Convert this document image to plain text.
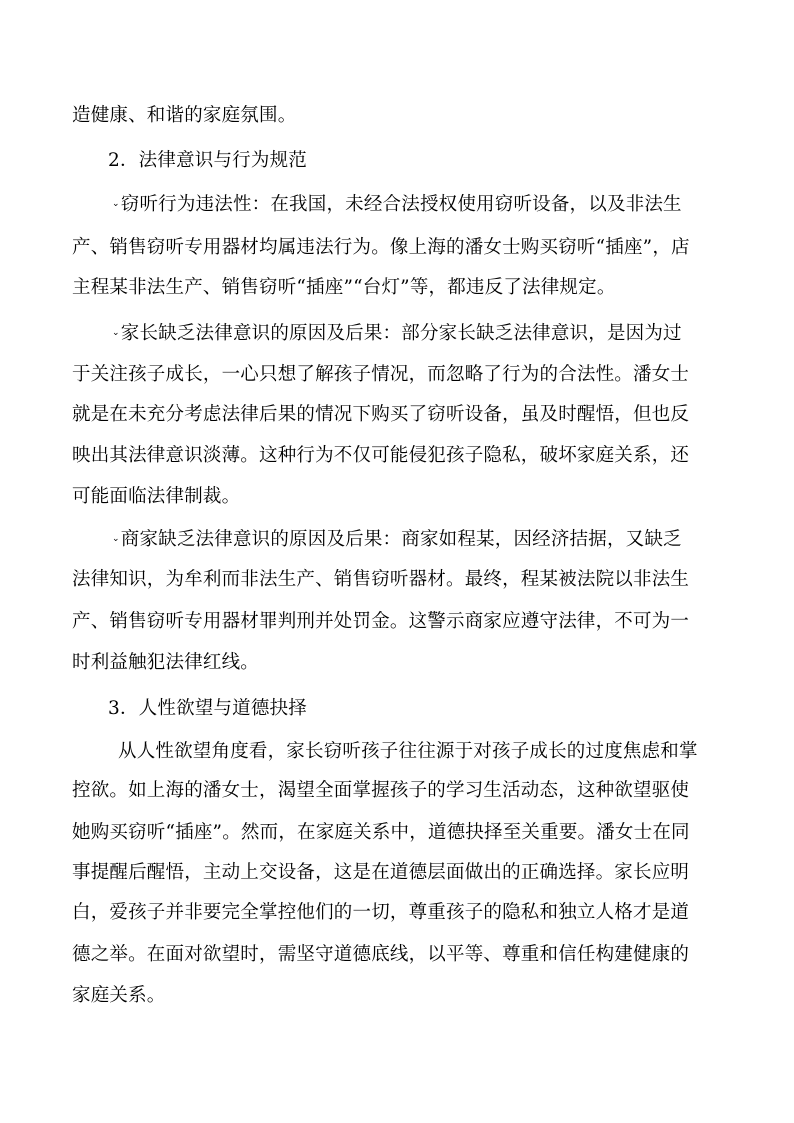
造健康、和谐的家庭氛围。
2．法律意识与行为规范
⌄窃听行为违法性：在我国，未经合法授权使用窃听设备，以及非法生
产、销售窃听专用器材均属违法行为。像上海的潘女士购买窃听“插座”，店
主程某非法生产、销售窃听“插座”“台灯”等，都违反了法律规定。
⌄家长缺乏法律意识的原因及后果：部分家长缺乏法律意识，是因为过
于关注孩子成长，一心只想了解孩子情况，而忽略了行为的合法性。潘女士
就是在未充分考虑法律后果的情况下购买了窃听设备，虽及时醒悟，但也反
映出其法律意识淡薄。这种行为不仅可能侵犯孩子隐私，破坏家庭关系，还
可能面临法律制裁。
⌄商家缺乏法律意识的原因及后果：商家如程某，因经济拮据，又缺乏
法律知识，为牟利而非法生产、销售窃听器材。最终，程某被法院以非法生
产、销售窃听专用器材罪判刑并处罚金。这警示商家应遵守法律，不可为一
时利益触犯法律红线。
3．人性欲望与道德抉择
从人性欲望角度看，家长窃听孩子往往源于对孩子成长的过度焦虑和掌
控欲。如上海的潘女士，渴望全面掌握孩子的学习生活动态，这种欲望驱使
她购买窃听“插座”。然而，在家庭关系中，道德抉择至关重要。潘女士在同
事提醒后醒悟，主动上交设备，这是在道德层面做出的正确选择。家长应明
白，爱孩子并非要完全掌控他们的一切，尊重孩子的隐私和独立人格才是道
德之举。在面对欲望时，需坚守道德底线，以平等、尊重和信任构建健康的
家庭关系。
